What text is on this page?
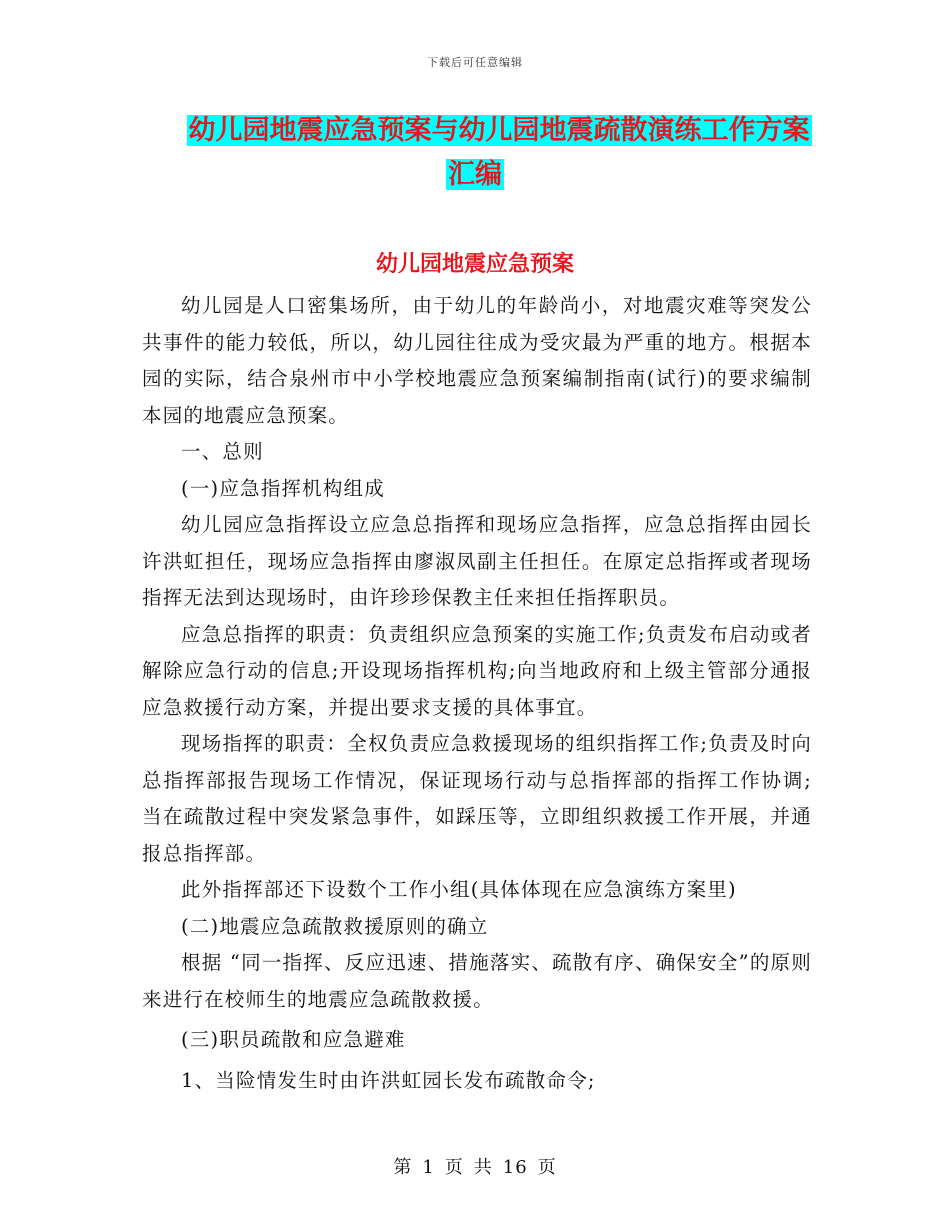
下载后可任意编辑
幼儿园地震应急预案与幼儿园地震疏散演练工作方案
汇编
幼儿园地震应急预案

幼儿园是人口密集场所，由于幼儿的年龄尚小，对地震灾难等突发公共事件的能力较低，所以，幼儿园往往成为受灾最为严重的地方。根据本园的实际，结合泉州市中小学校地震应急预案编制指南(试行)的要求编制本园的地震应急预案。

一、总则

(一)应急指挥机构组成

幼儿园应急指挥设立应急总指挥和现场应急指挥，应急总指挥由园长许洪虹担任，现场应急指挥由廖淑凤副主任担任。在原定总指挥或者现场指挥无法到达现场时，由许珍珍保教主任来担任指挥职员。

应急总指挥的职责：负责组织应急预案的实施工作;负责发布启动或者解除应急行动的信息;开设现场指挥机构;向当地政府和上级主管部分通报应急救援行动方案，并提出要求支援的具体事宜。

现场指挥的职责：全权负责应急救援现场的组织指挥工作;负责及时向总指挥部报告现场工作情况，保证现场行动与总指挥部的指挥工作协调;当在疏散过程中突发紧急事件，如踩压等，立即组织救援工作开展，并通报总指挥部。

此外指挥部还下设数个工作小组(具体体现在应急演练方案里)

(二)地震应急疏散救援原则的确立

根据 “同一指挥、反应迅速、措施落实、疏散有序、确保安全”的原则来进行在校师生的地震应急疏散救援。

(三)职员疏散和应急避难

1、当险情发生时由许洪虹园长发布疏散命令;

第 1 页 共 16 页
